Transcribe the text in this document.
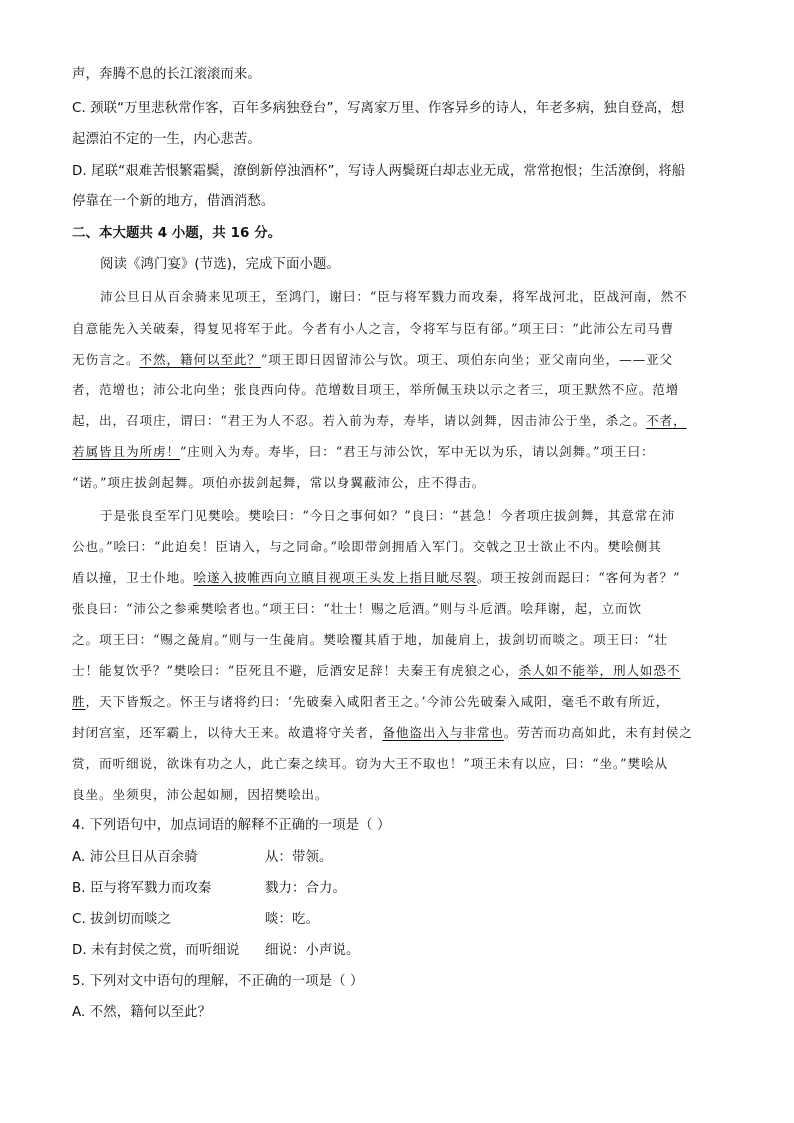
声，奔腾不息的长江滚滚而来。
C. 颈联“万里悲秋常作客，百年多病独登台”，写离家万里、作客异乡的诗人，年老多病，独自登高，想
起漂泊不定的一生，内心悲苦。
D. 尾联“艰难苦恨繁霜鬓，潦倒新停浊酒杯”，写诗人两鬓斑白却志业无成，常常抱恨；生活潦倒，将船
停靠在一个新的地方，借酒消愁。
二、本大题共 4 小题，共 16 分。
阅读《鸿门宴》(节选)，完成下面小题。
沛公旦日从百余骑来见项王，至鸿门，谢曰：“臣与将军戮力而攻秦，将军战河北，臣战河南，然不
自意能先入关破秦，得复见将军于此。今者有小人之言，令将军与臣有郤。”项王曰：“此沛公左司马曹
无伤言之。不然，籍何以至此？”项王即日因留沛公与饮。项王、项伯东向坐；亚父南向坐，——亚父
者，范增也；沛公北向坐；张良西向侍。范增数目项王，举所佩玉玦以示之者三，项王默然不应。范增
起，出，召项庄，谓曰：“君王为人不忍。若入前为寿，寿毕，请以剑舞，因击沛公于坐，杀之。不者，
若属皆且为所虏！”庄则入为寿。寿毕，曰：“君王与沛公饮，军中无以为乐，请以剑舞。”项王曰：
“诺。”项庄拔剑起舞。项伯亦拔剑起舞，常以身翼蔽沛公，庄不得击。
于是张良至军门见樊哙。樊哙曰：“今日之事何如？”良曰：“甚急！今者项庄拔剑舞，其意常在沛
公也。”哙曰：“此迫矣！臣请入，与之同命。”哙即带剑拥盾入军门。交戟之卫士欲止不内。樊哙侧其
盾以撞，卫士仆地。哙遂入披帷西向立瞋目视项王头发上指目眦尽裂。项王按剑而跽曰：“客何为者？”
张良曰：“沛公之参乘樊哙者也。”项王曰：“壮士！赐之卮酒。”则与斗卮酒。哙拜谢，起，立而饮
之。项王曰：“赐之彘肩。”则与一生彘肩。樊哙覆其盾于地，加彘肩上，拔剑切而啖之。项王曰：“壮
士！能复饮乎？”樊哙曰：“臣死且不避，卮酒安足辞！夫秦王有虎狼之心，杀人如不能举，刑人如恐不
胜，天下皆叛之。怀王与诸将约曰：‘先破秦入咸阳者王之。’今沛公先破秦入咸阳，毫毛不敢有所近，
封闭宫室，还军霸上，以待大王来。故遣将守关者，备他盗出入与非常也。劳苦而功高如此，未有封侯之
赏，而听细说，欲诛有功之人，此亡秦之续耳。窃为大王不取也！”项王未有以应，曰：“坐。”樊哙从
良坐。坐须臾，沛公起如厕，因招樊哙出。
4. 下列语句中，加点词语的解释不正确的一项是（ ）
A. 沛公旦日从百余骑	从：带领。
B. 臣与将军戮力而攻秦	戮力：合力。
C. 拔剑切而啖之	啖：吃。
D. 未有封侯之赏，而听细说 细说：小声说。
5. 下列对文中语句的理解，不正确的一项是（ ）
A. 不然，籍何以至此？
